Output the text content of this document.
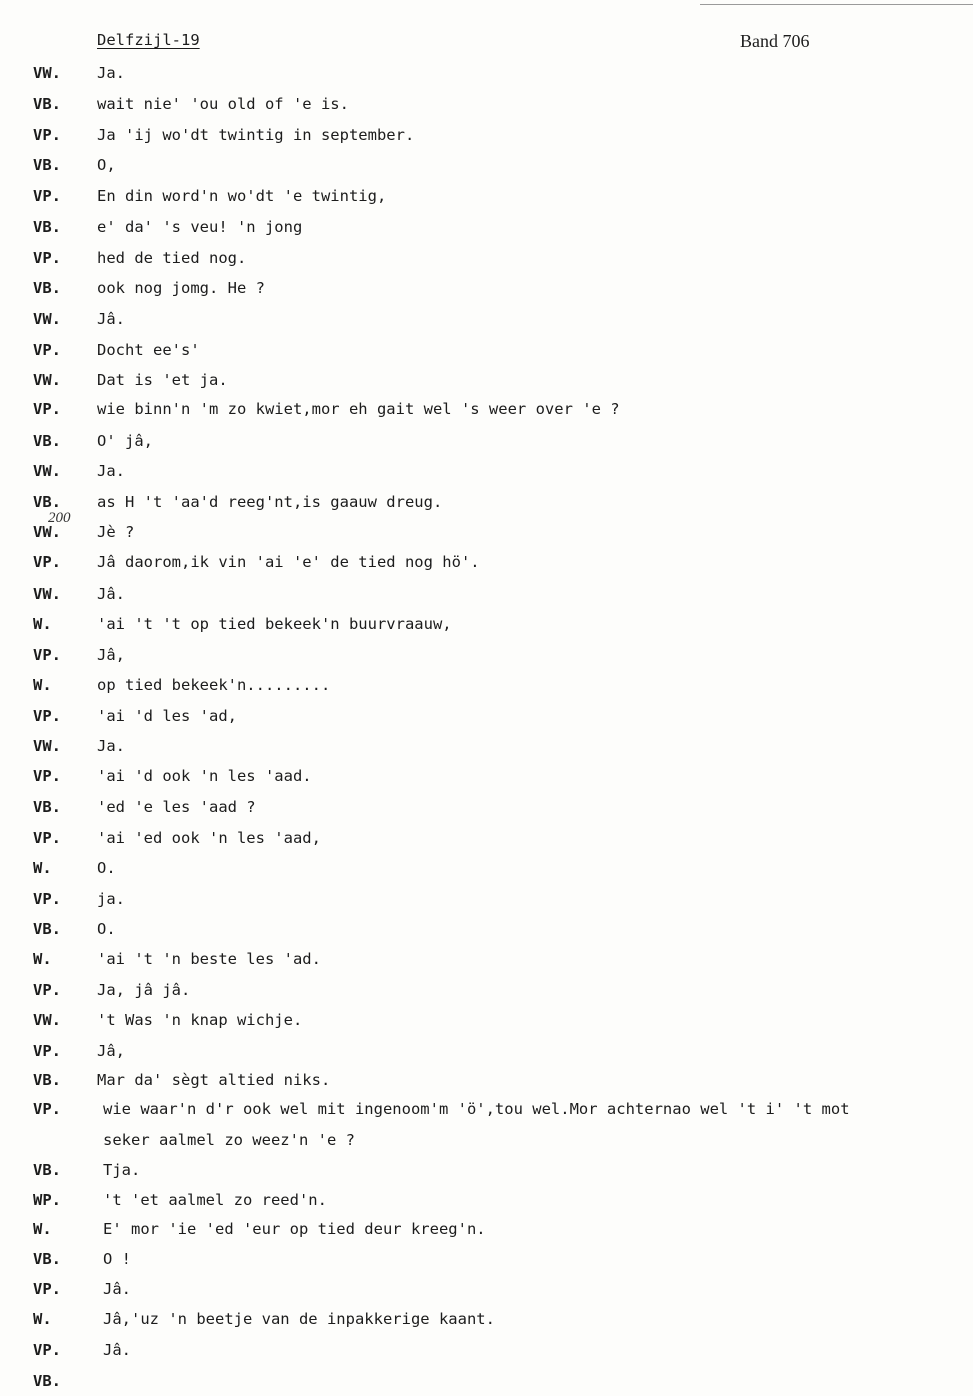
Delfzijl-19	Band 706
200
VW. Ja.
VB. wait nie' 'ou old of 'e is.
VP. Ja 'ij wo'dt twintig in september.
VB. O,
VP. En din word'n wo'dt 'e twintig,
VB. e' da' 's veu! 'n jong
VP. hed de tied nog.
VB. ook nog jomg. He ?
VW. Jâ.
VP. Docht ee's'
VW. Dat is 'et ja.
VP. wie binn'n 'm zo kwiet,mor eh gait wel 's weer over 'e ?
VB. O' jâ,
VW. Ja.
VB. as H 't 'aa'd reeg'nt,is gaauw dreug.
VW. Jè ?
VP. Jâ daorom,ik vin 'ai 'e' de tied nog hö'.
VW. Jâ.
W.	'ai 't 't op tied bekeek'n buurvraauw,
VP. Jâ,
W.	op tied bekeek'n.........
VP. 'ai 'd les 'ad,
VW. Ja.
VP. 'ai 'd ook 'n les 'aad.
VB. 'ed 'e les 'aad ?
VP. 'ai 'ed ook 'n les 'aad,
W.	O.
VP. ja.
VB. O.
W.	'ai 't 'n beste les 'ad.
VP. Ja, jâ jâ.
VW. 't Was 'n knap wichje.
VP. Jâ,
VB. Mar da' sègt altied niks.
VP.	wie waar'n d'r ook wel mit ingenoom'm 'ö',tou wel.Mor achternao wel 't i' 't mot
seker aalmel zo weez'n 'e ?
VB.	Tja.
WP.	't 'et aalmel zo reed'n.
W.	E' mor 'ie 'ed 'eur op tied deur kreeg'n.
VB.	O !
VP.	Jâ.
W.	Jâ,'uz 'n beetje van de inpakkerige kaant.
VP.	Jâ.
VB.
